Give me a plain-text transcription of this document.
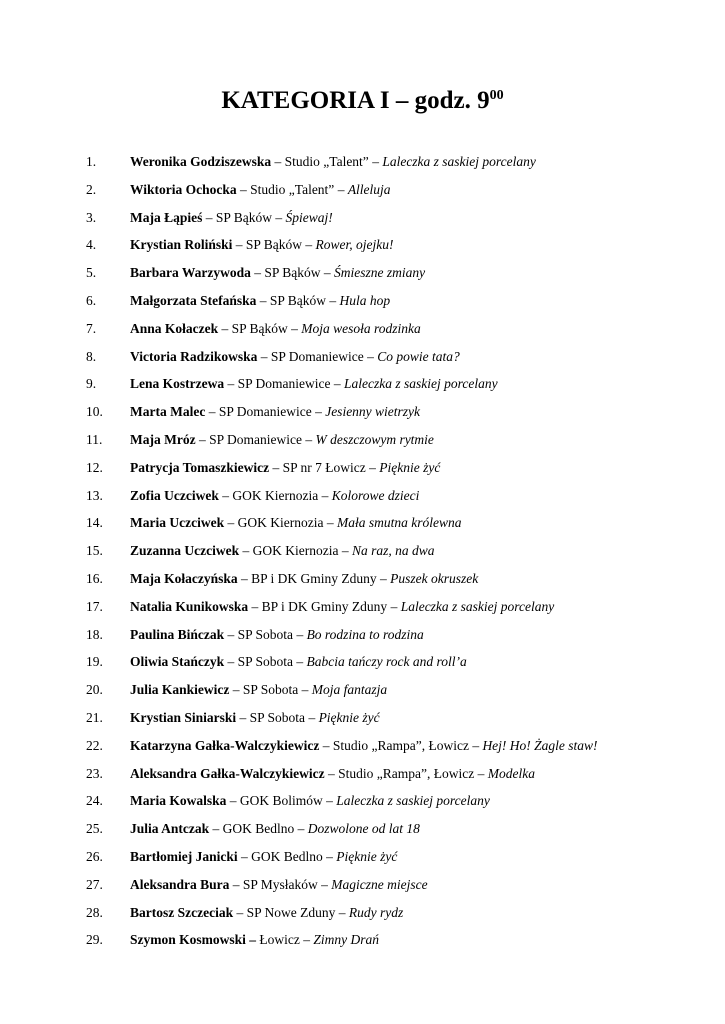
KATEGORIA I – godz. $9^{00}$
1.	Weronika Godziszewska – Studio „Talent” – Laleczka z saskiej porcelany
2.	Wiktoria Ochocka – Studio „Talent” – Alleluja
3.	Maja Łąpieś – SP Bąków – Śpiewaj!
4.	Krystian Roliński – SP Bąków – Rower, ojejku!
5.	Barbara Warzywoda – SP Bąków – Śmieszne zmiany
6.	Małgorzata Stefańska – SP Bąków – Hula hop
7.	Anna Kołaczek – SP Bąków – Moja wesoła rodzinka
8.	Victoria Radzikowska – SP Domaniewice – Co powie tata?
9.	Lena Kostrzewa – SP Domaniewice – Laleczka z saskiej porcelany
10. Marta Malec – SP Domaniewice – Jesienny wietrzyk
11. Maja Mróz – SP Domaniewice – W deszczowym rytmie
12. Patrycja Tomaszkiewicz – SP nr 7 Łowicz – Pięknie żyć
13. Zofia Uczciwek – GOK Kiernozia – Kolorowe dzieci
14. Maria Uczciwek – GOK Kiernozia – Mała smutna królewna
15. Zuzanna Uczciwek – GOK Kiernozia – Na raz, na dwa
16. Maja Kołaczyńska – BP i DK Gminy Zduny – Puszek okruszek
17. Natalia Kunikowska – BP i DK Gminy Zduny – Laleczka z saskiej porcelany
18. Paulina Bińczak – SP Sobota – Bo rodzina to rodzina
19. Oliwia Stańczyk – SP Sobota – Babcia tańczy rock and roll’a
20. Julia Kankiewicz – SP Sobota – Moja fantazja
21. Krystian Siniarski – SP Sobota – Pięknie żyć
22. Katarzyna Gałka-Walczykiewicz – Studio „Rampa”, Łowicz – Hej! Ho! Żagle staw!
23. Aleksandra Gałka-Walczykiewicz – Studio „Rampa”, Łowicz – Modelka
24. Maria Kowalska – GOK Bolimów – Laleczka z saskiej porcelany
25. Julia Antczak – GOK Bedlno – Dozwolone od lat 18
26. Bartłomiej Janicki – GOK Bedlno – Pięknie żyć
27. Aleksandra Bura – SP Mysłaków – Magiczne miejsce
28. Bartosz Szczeciak – SP Nowe Zduny – Rudy rydz
29. Szymon Kosmowski – Łowicz – Zimny Drań
